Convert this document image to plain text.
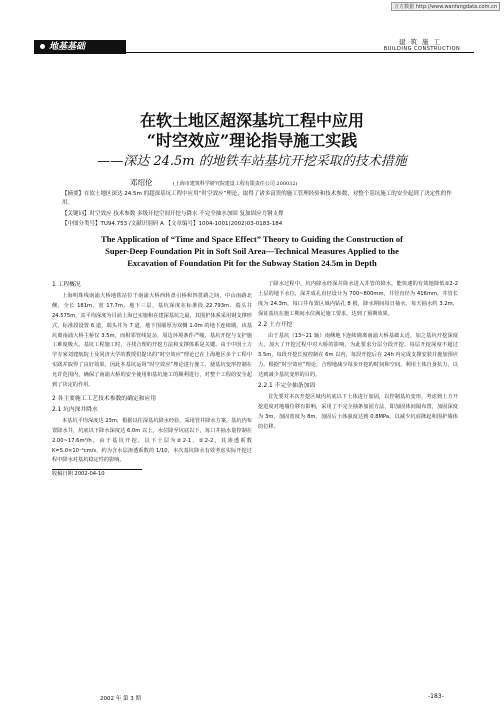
万方数据 http://www.wanfangdata.com.cn
地基基础	建筑施工
BUILDING CONSTRUCTION
在软土地区超深基坑工程中应用
“时空效应”理论指导施工实践
——深达 24.5m 的地铁车站基坑开挖采取的技术措施
邓绍伦	(上海市建筑科学研究院建设工程有限责任公司 200032)
【摘要】在软土地区深达 24.5m 的超深基坑工程中应用“时空效应”理论，取得了诸多富贵的施工管理经验和技术参数，对整个基坑施工的安全起到了决定性的作用。
【关键词】时空效应 技术参数 多级开挖空间开挖与降水 不完全抽水加固 复加固应力钢支撑
【中图分类号】TU94.753 /文献识别码 A 【文章编号】1004-1001(2002)03-0183-184
The Application of “Time and Space Effect” Theory to Guiding the Construction of
Super-Deep Foundation Pit in Soft Soil Area—Technical Measures Applied to the
Excavation of Foundation Pit for the Subway Station 24.5m in Depth
1 工程概况

上海明珠线南浦大桥地铁站位于南浦大桥西转盘引桥和四贯路之间，中山南路北侧，全长 181m，宽 17.7m，地下三层，基坑深度在标准段 22.793m，端头井 24.575m，其平均深度为目前上海已实施和在建深基坑之最，其围护体系采用钢支撑形式，标准段设置 6 道，端头井为 7 道，地下围墙厚为双侧 1.0m 的地下连续墙。该基坑离南浦大桥主桥仅 3.5m，而相邻管线复杂，周边环境条件严峻，基坑开挖与支护施工难度极大。基坑工程施工时，寻找合理的开挖方法和支撑体系是关键。由于中国土力学专家刘建航院士及同济大学的教授们提出的“时空效应”理论已在上海地区多个工程中实践并取得了良好效果，因此本基坑运用“时空效应”理论进行施工，使基坑变形控制在允许范围内，确保了南浦大桥的安全使用和基坑施工的顺利进行，对整个工程的安全起到了决定的作用。

2 各主要施工工艺技术参数的确定和应用
2.1 坑内深井降水

本基坑平均深度达 23m，根据以往深基坑降水经验，采用管井降水方案，基坑内布置降水井，坑底以下降水深度达 6.0m 以上，水位降至坑底以下，每口井抽水量控制在 2.00~17.6m³/h，由于基坑开挖，以下土层为②2-1、②2-2，其渗透系数 K=5.0×10⁻⁴cm/s，约为含水层渗透系数的 1/10，本次基坑降水有效考虑实际开挖过程中降水对基坑稳定性的影响。

收稿日期 2002-04-10

了降水过程中，坑内降水经深井降水进入井管的降水，能快速的有效地降低②2-2 土层的地下水位，深井成孔直径设计为 700~800mm，井管直径为 416mm，井管长度为 24.3m，每口井布置区域内钻孔 8 根，降水期间每日抽水，每天抽水约 3.2m，保证基坑在施工期间水位满足施工要求，达到了预期效果。

2.2 土方开挖

由于基坑（13~21 轴）南侧地下连续墙离南浦大桥基础太近，加之基坑开挖深度大，加大了开挖过程中对大桥的影响，为此要求分层分段开挖，每层开挖深度不超过 3.5m，每段开挖长度控制在 6m 以内，每段开挖后在 24h 内完成支撑安装并施加预应力。根据“时空效应”理论，合理地减少每步开挖的时间和空间，利用土体自身抗力，以达到减少基坑变形的目的。

2.2.1 不完全抽条加固

首先要对本次开挖区域内坑底以下土体进行加固，以控制基坑变形，考虑到土方开挖进度对地墙位移有影响，采用了不完全抽条加固方法，即加固体间隔布置，加固深度为 3m，加固宽度为 8m，加固后土体强度达到 0.8MPa，以减少坑底隆起和围护墙体的位移。

2002 年 第 3 期	-183-
